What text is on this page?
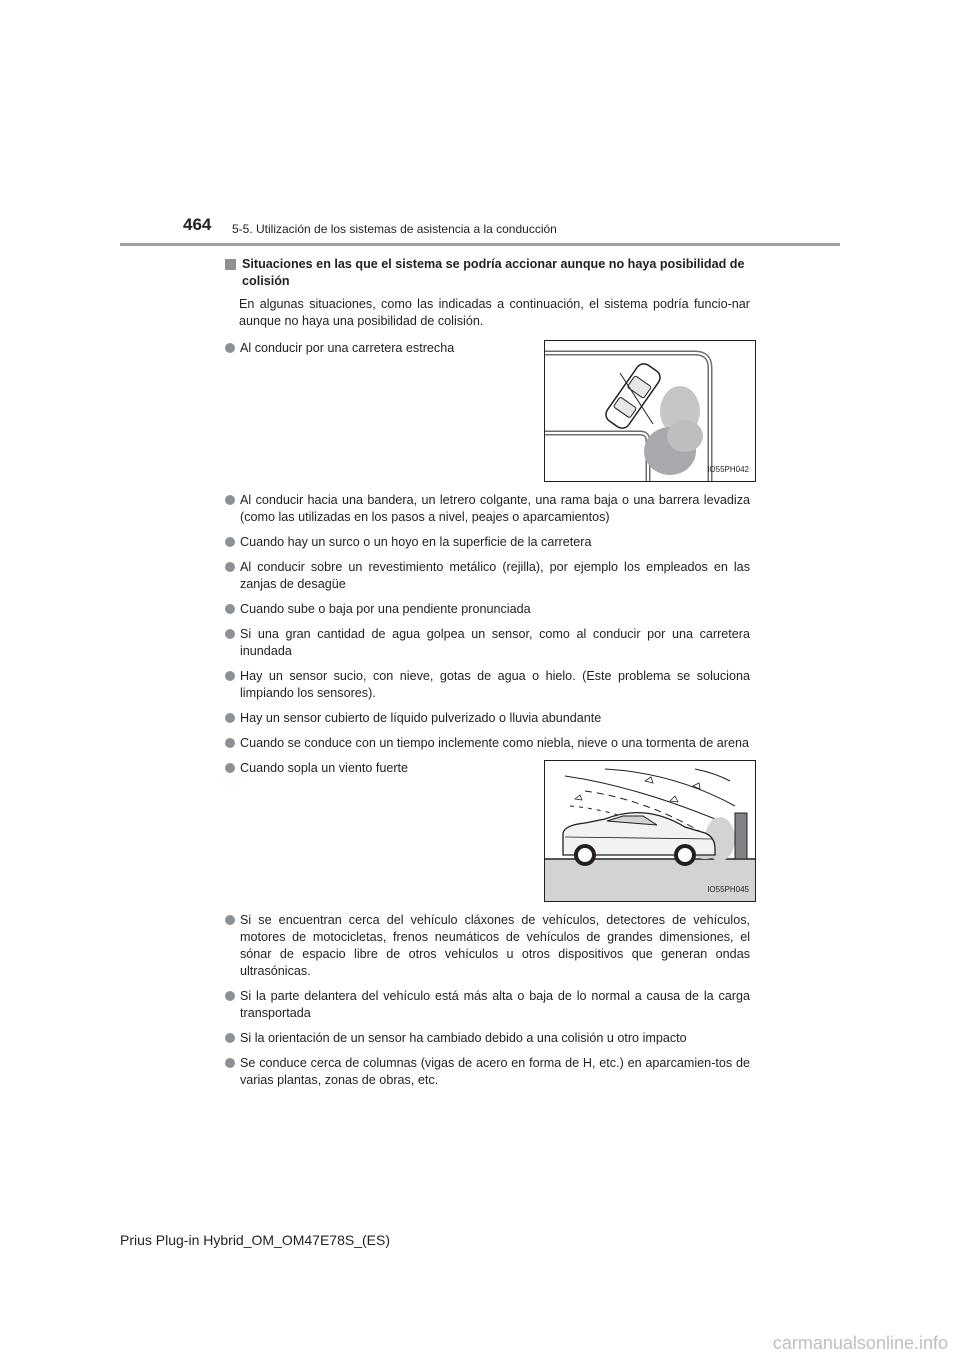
464 5-5. Utilización de los sistemas de asistencia a la conducción
Situaciones en las que el sistema se podría accionar aunque no haya posibilidad de colisión

En algunas situaciones, como las indicadas a continuación, el sistema podría funcio-nar aunque no haya una posibilidad de colisión.

Al conducir por una carretera estrecha
IO55PH042
Al conducir hacia una bandera, un letrero colgante, una rama baja o una barrera levadiza (como las utilizadas en los pasos a nivel, peajes o aparcamientos)
Cuando hay un surco o un hoyo en la superficie de la carretera
Al conducir sobre un revestimiento metálico (rejilla), por ejemplo los empleados en las zanjas de desagüe
Cuando sube o baja por una pendiente pronunciada
Si una gran cantidad de agua golpea un sensor, como al conducir por una carretera inundada
Hay un sensor sucio, con nieve, gotas de agua o hielo. (Este problema se soluciona limpiando los sensores).
Hay un sensor cubierto de líquido pulverizado o lluvia abundante
Cuando se conduce con un tiempo inclemente como niebla, nieve o una tormenta de arena
Cuando sopla un viento fuerte
IO55PH045
Si se encuentran cerca del vehículo cláxones de vehículos, detectores de vehículos, motores de motocicletas, frenos neumáticos de vehículos de grandes dimensiones, el sónar de espacio libre de otros vehículos u otros dispositivos que generan ondas ultrasónicas.
Si la parte delantera del vehículo está más alta o baja de lo normal a causa de la carga transportada
Si la orientación de un sensor ha cambiado debido a una colisión u otro impacto
Se conduce cerca de columnas (vigas de acero en forma de H, etc.) en aparcamien-tos de varias plantas, zonas de obras, etc.
Prius Plug-in Hybrid_OM_OM47E78S_(ES)
carmanualsonline.info
